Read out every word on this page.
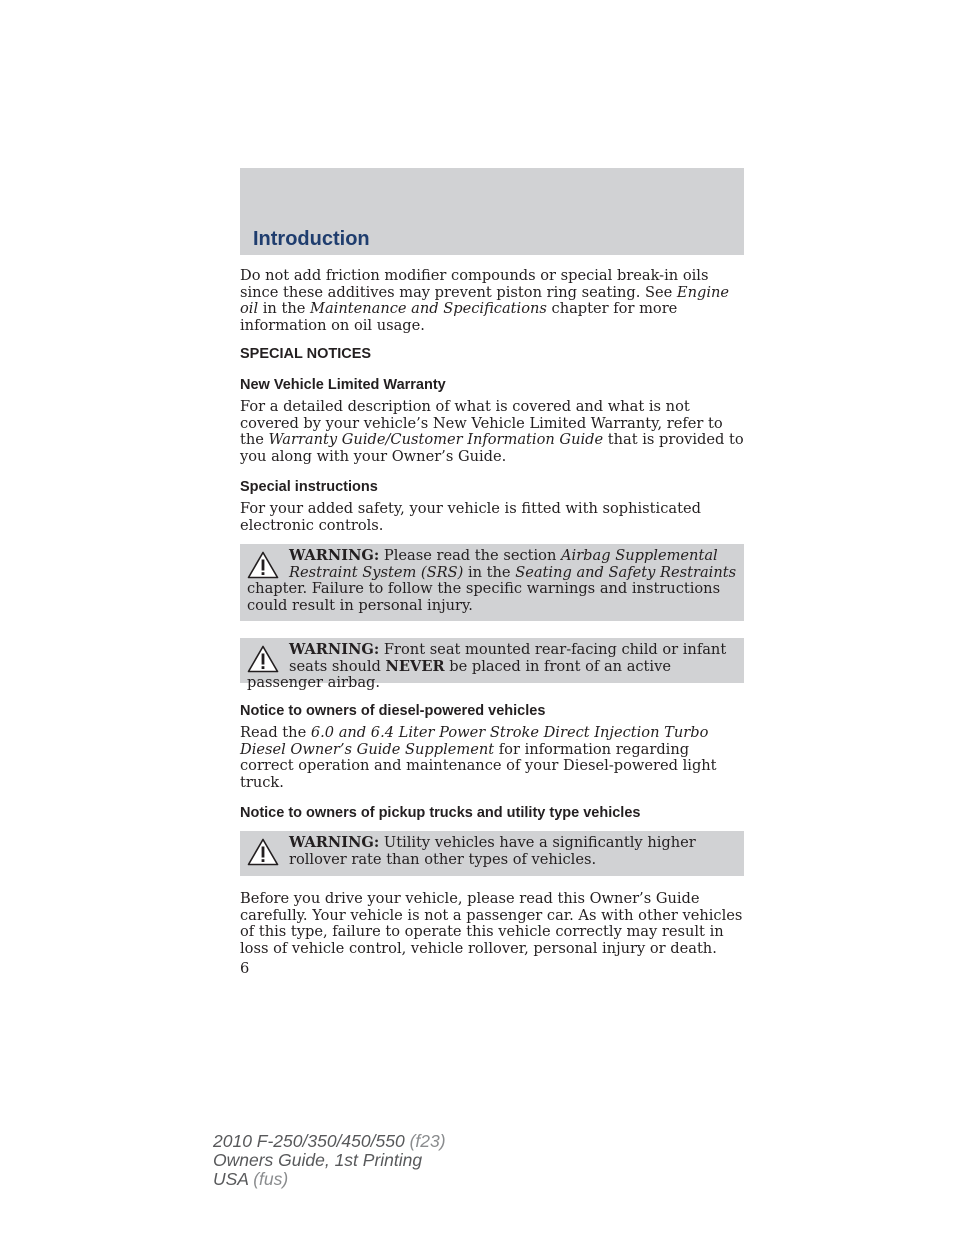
Introduction

Do not add friction modifier compounds or special break-in oils since these additives may prevent piston ring seating. See Engine oil in the Maintenance and Specifications chapter for more information on oil usage.

SPECIAL NOTICES
New Vehicle Limited Warranty

For a detailed description of what is covered and what is not covered by your vehicle’s New Vehicle Limited Warranty, refer to the Warranty Guide/Customer Information Guide that is provided to you along with your Owner’s Guide.

Special instructions

For your added safety, your vehicle is fitted with sophisticated electronic controls.

WARNING: Please read the section Airbag Supplemental Restraint System (SRS) in the Seating and Safety Restraints chapter. Failure to follow the specific warnings and instructions could result in personal injury.

WARNING: Front seat mounted rear-facing child or infant seats should NEVER be placed in front of an active passenger airbag.

Notice to owners of diesel-powered vehicles

Read the 6.0 and 6.4 Liter Power Stroke Direct Injection Turbo Diesel Owner’s Guide Supplement for information regarding correct operation and maintenance of your Diesel-powered light truck.

Notice to owners of pickup trucks and utility type vehicles

WARNING: Utility vehicles have a significantly higher rollover rate than other types of vehicles.

Before you drive your vehicle, please read this Owner’s Guide carefully. Your vehicle is not a passenger car. As with other vehicles of this type, failure to operate this vehicle correctly may result in loss of vehicle control, vehicle rollover, personal injury or death.

6
2010 F-250/350/450/550 (f23)
Owners Guide, 1st Printing
USA (fus)
